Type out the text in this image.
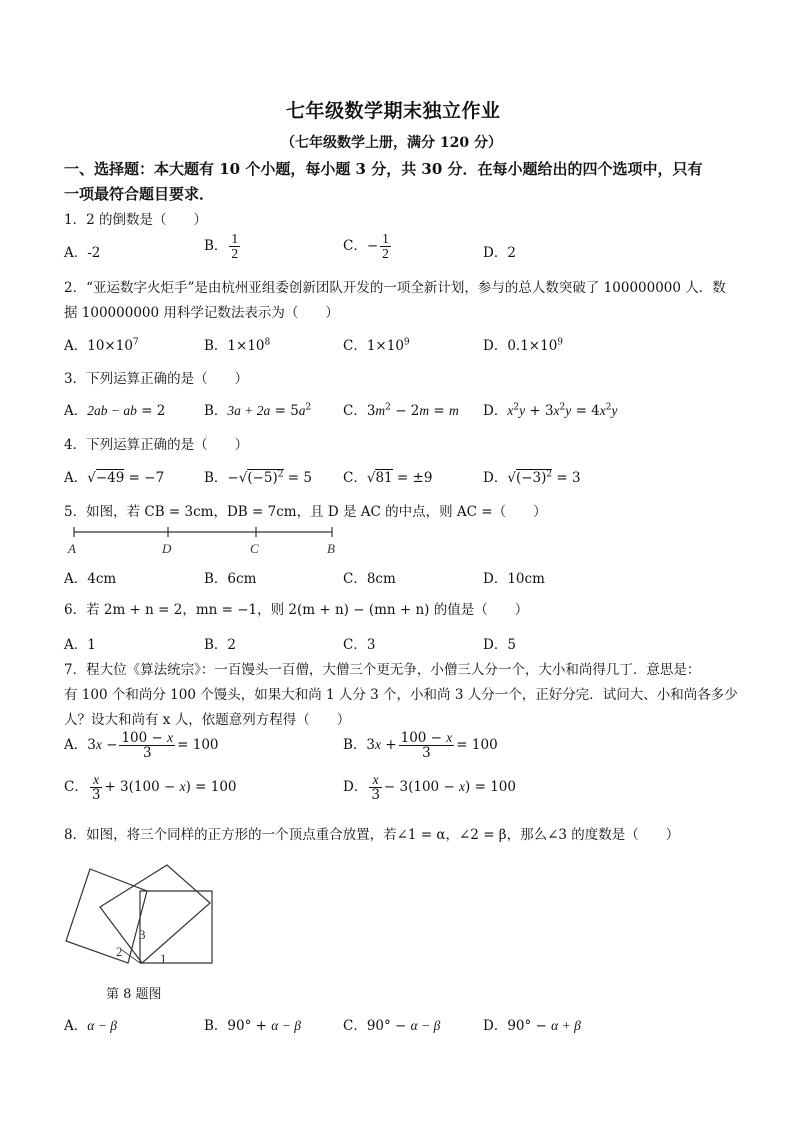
七年级数学期末独立作业
（七年级数学上册，满分 120 分）
一、选择题：本大题有 10 个小题，每小题 3 分，共 30 分．在每小题给出的四个选项中，只有
一项最符合题目要求．
1．2 的倒数是（　　）
A．-2	B． $\frac{1}{2}$	C．− $\frac{1}{2}$	D．2
2．“亚运数字火炬手”是由杭州亚组委创新团队开发的一项全新计划，参与的总人数突破了 100000000 人．数
据 100000000 用科学记数法表示为（　　）
A．$10\times 10^7$	B．$1\times 10^8$	C．$1\times 10^9$	D．$0.1\times 10^9$
3．下列运算正确的是（　　）
A．2ab − ab = 2	B．$3a + 2a = 5a^2$ C．$3m^2 - 2m = m$ D．$x^2y + 3x^2y = 4x^2y$
4．下列运算正确的是（　　）
A．√−49 = −7	B．$-√(-5)^2 = 5$ C．√81 = ±9	D．$√(-3)^2 = 3$
5．如图，若 CB = 3cm，DB = 7cm，且 D 是 AC 的中点，则 AC =（　　）
A	D	C	B
A．4cm	B．6cm	C．8cm	D．10cm
6．若 2m + n = 2，mn = −1，则 2(m + n) − (mn + n) 的值是（　　）
A．1	B．2	C．3	D．5
7．程大位《算法统宗》：一百馒头一百僧，大僧三个更无争，小僧三人分一个，大小和尚得几丁．意思是：
有 100 个和尚分 100 个馒头，如果大和尚 1 人分 3 个，小和尚 3 人分一个，正好分完．试问大、小和尚各多少
人？设大和尚有 x 人，依题意列方程得（　　）
A．$3x - \frac{100 - x}{3} = 100$	B．$3x + \frac{100 - x}{3} = 100$
C． $\frac{x}{3} + 3(100 - x) = 100$	D． $\frac{x}{3} - 3(100 - x) = 100$
8．如图，将三个同样的正方形的一个顶点重合放置，若∠1 = α，∠2 = β，那么∠3 的度数是（　　）
2
3
1
第 8 题图
A．α − β	B．90° + α − β	C．90° − α − β	D．90° − α + β
